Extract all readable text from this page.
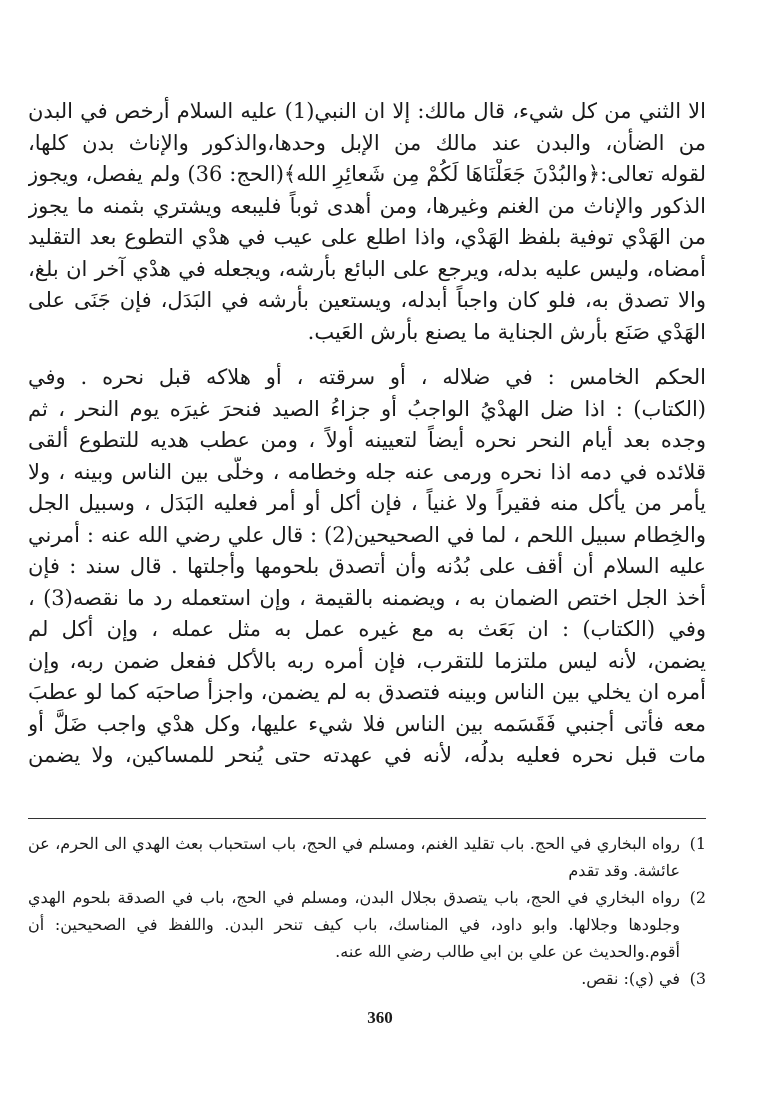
الا الثني من كل شيء، قال مالك: إلا ان النبي(1) عليه السلام أرخص في البدن
من الضأن، والبدن عند مالك من الإبل وحدها،والذكور والإناث بدن كلها،
لقوله تعالى:﴿والبُدْنَ جَعَلْنَاهَا لَكُمْ مِن شَعائِرِ الله﴾(الحج: 36) ولم يفصل، ويجوز
الذكور والإناث من الغنم وغيرها، ومن أهدى ثوباً فليبعه ويشتري بثمنه ما يجوز
من الهَدْي توفية بلفظ الهَدْي، واذا اطلع على عيب في هدْي التطوع بعد التقليد
أمضاه، وليس عليه بدله، ويرجع على البائع بأرشه، ويجعله في هدْي آخر ان بلغ،
والا تصدق به، فلو كان واجباً أبدله، ويستعين بأرشه في البَدَل، فإن جَنَى على
الهَدْي صَنَع بأرش الجناية ما يصنع بأرش العَيب.
الحكم الخامس : في ضلاله ، أو سرقته ، أو هلاكه قبل نحره . وفي
(الكتاب) : اذا ضل الهدْيُ الواجبُ أو جزاءُ الصيد فنحرَ غيرَه يوم النحر ، ثم
وجده بعد أيام النحر نحره أيضاً لتعيينه أولاً ، ومن عطب هديه للتطوع ألقى
قلائده في دمه اذا نحره ورمى عنه جله وخطامه ، وخلّى بين الناس وبينه ، ولا
يأمر من يأكل منه فقيراً ولا غنياً ، فإن أكل أو أمر فعليه البَدَل ، وسبيل الجل
والخِطام سبيل اللحم ، لما في الصحيحين(2) : قال علي رضي الله عنه : أمرني
عليه السلام أن أقف على بُدُنه وأن أتصدق بلحومها وأجلتها . قال سند : فإن
أخذ الجل اختص الضمان به ، ويضمنه بالقيمة ، وإن استعمله رد ما نقصه(3) ،
وفي (الكتاب) : ان بَعَث به مع غيره عمل به مثل عمله ، وإن أكل لم
يضمن، لأنه ليس ملتزما للتقرب، فإن أمره ربه بالأكل ففعل ضمن ربه، وإن
أمره ان يخلي بين الناس وبينه فتصدق به لم يضمن، واجزأ صاحبَه كما لو عطبَ
معه فأتى أجنبي فَقَسَمه بين الناس فلا شيء عليها، وكل هدْي واجب ضَلَّ أو
مات قبل نحره فعليه بدلُه، لأنه في عهدته حتى يُنحر للمساكين، ولا يضمن
1)
رواه البخاري في الحج. باب تقليد الغنم، ومسلم في الحج، باب استحباب بعث الهدي الى الحرم، عن عائشة. وقد تقدم
2)
رواه البخاري في الحج، باب يتصدق بجلال البدن، ومسلم في الحج، باب في الصدقة بلحوم الهدي وجلودها وجلالها. وابو داود، في المناسك، باب كيف تنحر البدن. واللفظ في الصحيحين: أن أقوم.والحديث عن علي بن ابي طالب رضي الله عنه.
3)
في (ي): نقص.
360
